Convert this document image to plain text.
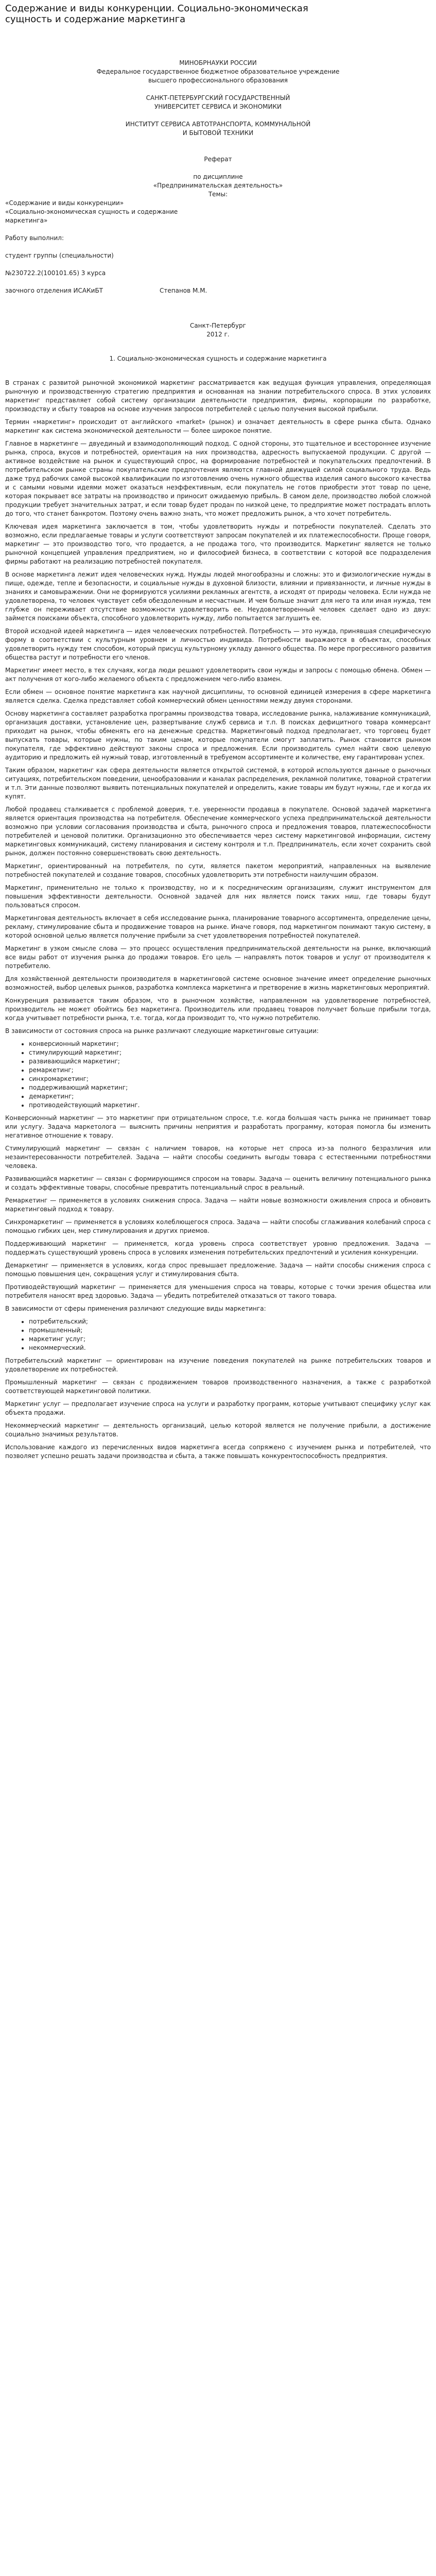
Содержание и виды конкуренции. Социально-экономическая сущность и содержание маркетинга

МИНОБРНАУКИ РОССИИ

Федеральное государственное бюджетное образовательное учреждение

высшего профессионального образования

САНКТ-ПЕТЕРБУРГСКИЙ ГОСУДАРСТВЕННЫЙ

УНИВЕРСИТЕТ СЕРВИСА И ЭКОНОМИКИ

ИНСТИТУТ СЕРВИСА АВТОТРАНСПОРТА, КОММУНАЛЬНОЙ

И БЫТОВОЙ ТЕХНИКИ

Реферат

по дисциплине

«Предпринимательская деятельность»

Темы:

«Содержание и виды конкуренции»

«Социально-экономическая сущность и содержание

маркетинга»

Работу выполнил:

студент группы (специальности)

№230722.2(100101.65) 3 курса

заочного отделения ИСАКиБТ	Степанов М.М.

Санкт-Петербург

2012 г.

1. Социально-экономическая сущность и содержание маркетинга

В странах с развитой рыночной экономикой маркетинг рассматривается как ведущая функция управления, определяющая рыночную и производственную стратегию предприятия и основанная на знании потребительского спроса. В этих условиях маркетинг представляет собой систему организации деятельности предприятия, фирмы, корпорации по разработке, производству и сбыту товаров на основе изучения запросов потребителей с целью получения высокой прибыли.

Термин «маркетинг» происходит от английского «market» (рынок) и означает деятельность в сфере рынка сбыта. Однако маркетинг как система экономической деятельности — более широкое понятие.

Главное в маркетинге — двуединый и взаимодополняющий подход. С одной стороны, это тщательное и всестороннее изучение рынка, спроса, вкусов и потребностей, ориентация на них производства, адресность выпускаемой продукции. С другой — активное воздействие на рынок и существующий спрос, на формирование потребностей и покупательских предпочтений. В потребительском рынке страны покупательские предпочтения являются главной движущей силой социального труда. Ведь даже труд рабочих самой высокой квалификации по изготовлению очень нужного общества изделия самого высокого качества и с самыми новыми идеями может оказаться неэффективным, если покупатель не готов приобрести этот товар по цене, которая покрывает все затраты на производство и приносит ожидаемую прибыль. В самом деле, производство любой сложной продукции требует значительных затрат, и если товар будет продан по низкой цене, то предприятие может пострадать вплоть до того, что станет банкротом. Поэтому очень важно знать, что может предложить рынок, а что хочет потребитель.

Ключевая идея маркетинга заключается в том, чтобы удовлетворить нужды и потребности покупателей. Сделать это возможно, если предлагаемые товары и услуги соответствуют запросам покупателей и их платежеспособности. Проще говоря, маркетинг — это производство того, что продается, а не продажа того, что производится. Маркетинг является не только рыночной концепцией управления предприятием, но и философией бизнеса, в соответствии с которой все подразделения фирмы работают на реализацию потребностей покупателя.

В основе маркетинга лежит идея человеческих нужд. Нужды людей многообразны и сложны: это и физиологические нужды в пище, одежде, тепле и безопасности, и социальные нужды в духовной близости, влиянии и привязанности, и личные нужды в знаниях и самовыражении. Они не формируются усилиями рекламных агентств, а исходят от природы человека. Если нужда не удовлетворена, то человек чувствует себя обездоленным и несчастным. И чем больше значит для него та или иная нужда, тем глубже он переживает отсутствие возможности удовлетворить ее. Неудовлетворенный человек сделает одно из двух: займется поисками объекта, способного удовлетворить нужду, либо попытается заглушить ее.

Второй исходной идеей маркетинга — идея человеческих потребностей. Потребность — это нужда, принявшая специфическую форму в соответствии с культурным уровнем и личностью индивида. Потребности выражаются в объектах, способных удовлетворить нужду тем способом, который присущ культурному укладу данного общества. По мере прогрессивного развития общества растут и потребности его членов.

Маркетинг имеет место, в тех случаях, когда люди решают удовлетворить свои нужды и запросы с помощью обмена. Обмен — акт получения от кого-либо желаемого объекта с предложением чего-либо взамен.

Если обмен — основное понятие маркетинга как научной дисциплины, то основной единицей измерения в сфере маркетинга является сделка. Сделка представляет собой коммерческий обмен ценностями между двумя сторонами.

Основу маркетинга составляет разработка программы производства товара, исследование рынка, налаживание коммуникаций, организация доставки, установление цен, развертывание служб сервиса и т.п. В поисках дефицитного товара коммерсант приходит на рынок, чтобы обменять его на денежные средства. Маркетинговый подход предполагает, что торговец будет выпускать товары, которые нужны, по таким ценам, которые покупатели смогут заплатить. Рынок становится рынком покупателя, где эффективно действуют законы спроса и предложения. Если производитель сумел найти свою целевую аудиторию и предложить ей нужный товар, изготовленный в требуемом ассортименте и количестве, ему гарантирован успех.

Таким образом, маркетинг как сфера деятельности является открытой системой, в которой используются данные о рыночных ситуациях, потребительском поведении, ценообразовании и каналах распределения, рекламной политике, товарной стратегии и т.п. Эти данные позволяют выявить потенциальных покупателей и определить, какие товары им будут нужны, где и когда их купят.

Любой продавец сталкивается с проблемой доверия, т.е. уверенности продавца в покупателе. Основой задачей маркетинга является ориентация производства на потребителя. Обеспечение коммерческого успеха предпринимательской деятельности возможно при условии согласования производства и сбыта, рыночного спроса и предложения товаров, платежеспособности потребителей и ценовой политики. Организационно это обеспечивается через систему маркетинговой информации, систему маркетинговых коммуникаций, систему планирования и систему контроля и т.п. Предприниматель, если хочет сохранить свой рынок, должен постоянно совершенствовать свою деятельность.

Маркетинг, ориентированный на потребителя, по сути, является пакетом мероприятий, направленных на выявление потребностей покупателей и создание товаров, способных удовлетворить эти потребности наилучшим образом.

Маркетинг, применительно не только к производству, но и к посредническим организациям, служит инструментом для повышения эффективности деятельности. Основной задачей для них является поиск таких ниш, где товары будут пользоваться спросом.

Маркетинговая деятельность включает в себя исследование рынка, планирование товарного ассортимента, определение цены, рекламу, стимулирование сбыта и продвижение товаров на рынке. Иначе говоря, под маркетингом понимают такую систему, в которой основной целью является получение прибыли за счет удовлетворения потребностей покупателей.

Маркетинг в узком смысле слова — это процесс осуществления предпринимательской деятельности на рынке, включающий все виды работ от изучения рынка до продажи товаров. Его цель — направлять поток товаров и услуг от производителя к потребителю.

Для хозяйственной деятельности производителя в маркетинговой системе основное значение имеет определение рыночных возможностей, выбор целевых рынков, разработка комплекса маркетинга и претворение в жизнь маркетинговых мероприятий.

Конкуренция развивается таким образом, что в рыночном хозяйстве, направленном на удовлетворение потребностей, производитель не может обойтись без маркетинга. Производитель или продавец товаров получает больше прибыли тогда, когда учитывает потребности рынка, т.е. тогда, когда производит то, что нужно потребителю.

В зависимости от состояния спроса на рынке различают следующие маркетинговые ситуации:

• конверсионный маркетинг;
• стимулирующий маркетинг;
• развивающийся маркетинг;
• ремаркетинг;
• синхромаркетинг;
• поддерживающий маркетинг;
• демаркетинг;
• противодействующий маркетинг.

Конверсионный маркетинг — это маркетинг при отрицательном спросе, т.е. когда большая часть рынка не принимает товар или услугу. Задача маркетолога — выяснить причины неприятия и разработать программу, которая помогла бы изменить негативное отношение к товару.

Стимулирующий маркетинг — связан с наличием товаров, на которые нет спроса из-за полного безразличия или незаинтересованности потребителей. Задача — найти способы соединить выгоды товара с естественными потребностями человека.

Развивающийся маркетинг — связан с формирующимся спросом на товары. Задача — оценить величину потенциального рынка и создать эффективные товары, способные превратить потенциальный спрос в реальный.

Ремаркетинг — применяется в условиях снижения спроса. Задача — найти новые возможности оживления спроса и обновить маркетинговый подход к товару.

Синхромаркетинг — применяется в условиях колеблющегося спроса. Задача — найти способы сглаживания колебаний спроса с помощью гибких цен, мер стимулирования и других приемов.

Поддерживающий маркетинг — применяется, когда уровень спроса соответствует уровню предложения. Задача — поддержать существующий уровень спроса в условиях изменения потребительских предпочтений и усиления конкуренции.

Демаркетинг — применяется в условиях, когда спрос превышает предложение. Задача — найти способы снижения спроса с помощью повышения цен, сокращения услуг и стимулирования сбыта.

Противодействующий маркетинг — применяется для уменьшения спроса на товары, которые с точки зрения общества или потребителя наносят вред здоровью. Задача — убедить потребителей отказаться от такого товара.

В зависимости от сферы применения различают следующие виды маркетинга:

• потребительский;
• промышленный;
• маркетинг услуг;
• некоммерческий.

Потребительский маркетинг — ориентирован на изучение поведения покупателей на рынке потребительских товаров и удовлетворение их потребностей.

Промышленный маркетинг — связан с продвижением товаров производственного назначения, а также с разработкой соответствующей маркетинговой политики.

Маркетинг услуг — предполагает изучение спроса на услуги и разработку программ, которые учитывают специфику услуг как объекта продажи.

Некоммерческий маркетинг — деятельность организаций, целью которой является не получение прибыли, а достижение социально значимых результатов.

Использование каждого из перечисленных видов маркетинга всегда сопряжено с изучением рынка и потребителей, что позволяет успешно решать задачи производства и сбыта, а также повышать конкурентоспособность предприятия.
